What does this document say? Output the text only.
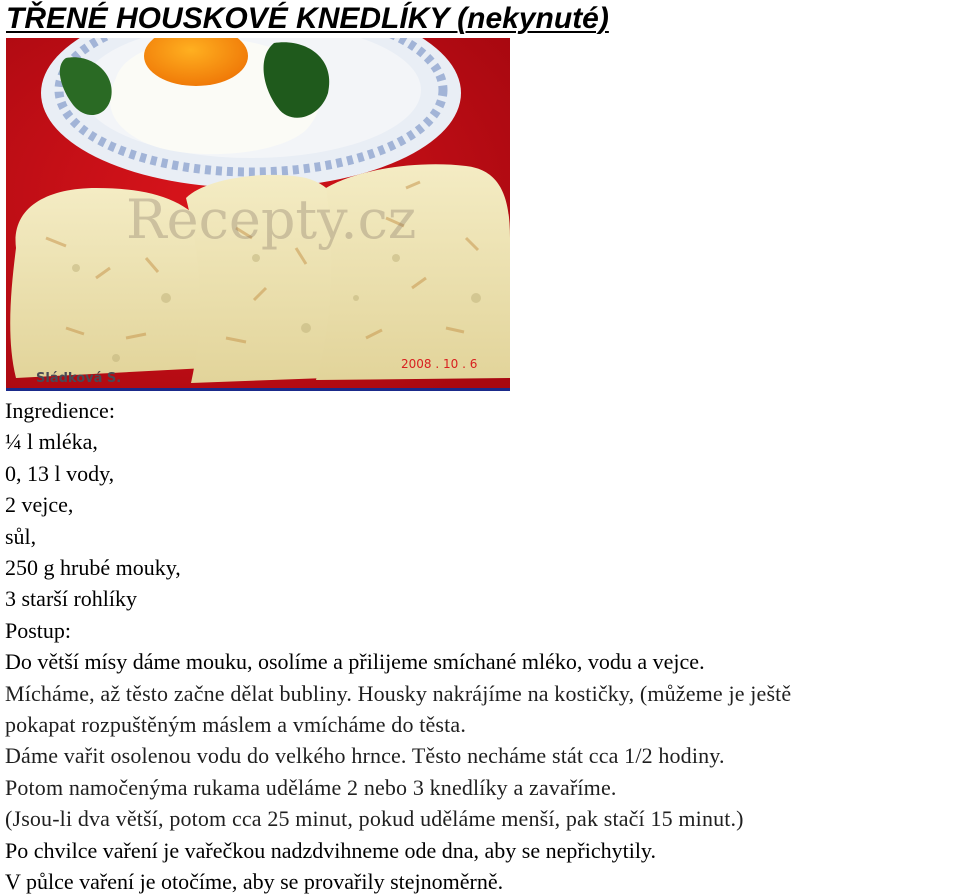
TŘENÉ HOUSKOVÉ KNEDLÍKY (nekynuté)
Recepty.cz
Sládková S.
2008 . 10 . 6
Ingredience:
¼ l mléka,
0, 13 l vody,
2 vejce,
sůl,
250 g hrubé mouky,
3 starší rohlíky
Postup:
Do větší mísy dáme mouku, osolíme a přilijeme smíchané mléko, vodu a vejce.
Mícháme, až těsto začne dělat bubliny. Housky nakrájíme na kostičky, (můžeme je ještě
pokapat rozpuštěným máslem a vmícháme do těsta.
Dáme vařit osolenou vodu do velkého hrnce. Těsto necháme stát cca 1/2 hodiny.
Potom namočenýma rukama uděláme 2 nebo 3 knedlíky a zavaříme.
(Jsou-li dva větší, potom cca 25 minut, pokud uděláme menší, pak stačí 15 minut.)
Po chvilce vaření je vařečkou nadzdvihneme ode dna, aby se nepřichytily.
V půlce vaření je otočíme, aby se provařily stejnoměrně.
